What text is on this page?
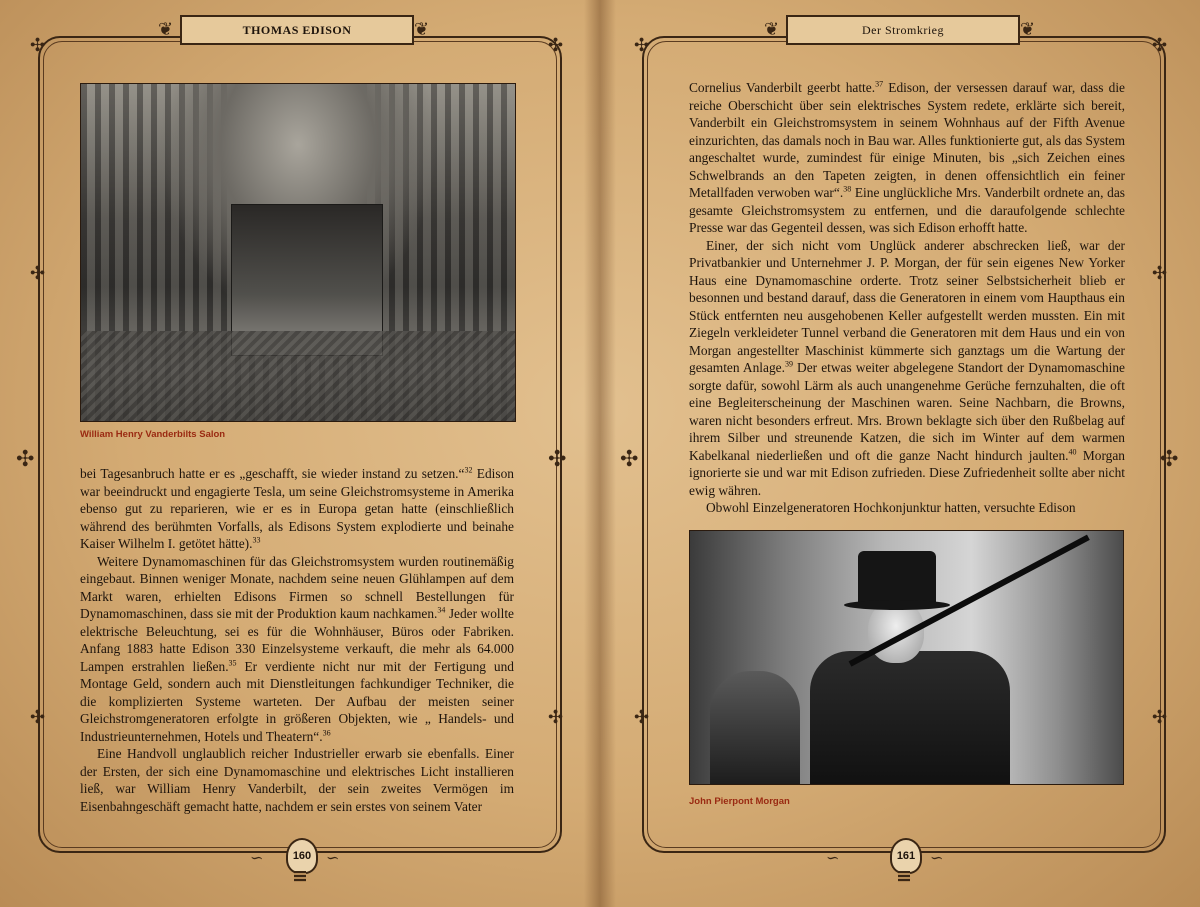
❦	THOMAS EDISON	❦
✣	✣
✣
✣	✣
✣	✣
William Henry Vanderbilts Salon

bei Tagesanbruch hatte er es „geschafft, sie wieder instand zu setzen.“$^{32}$ Edison war beeindruckt und engagierte Tesla, um seine Gleichstromsysteme in Amerika ebenso gut zu reparieren, wie er es in Europa getan hatte (einschließlich während des berühmten Vorfalls, als Edisons System explodierte und beinahe Kaiser Wilhelm I. getötet hätte).$^{33}$

Weitere Dynamomaschinen für das Gleichstromsystem wurden routinemäßig eingebaut. Binnen weniger Monate, nachdem seine neuen Glühlampen auf dem Markt waren, erhielten Edisons Firmen so schnell Bestellungen für Dynamomaschinen, dass sie mit der Produktion kaum nachkamen.$^{34}$ Jeder wollte elektrische Beleuchtung, sei es für die Wohnhäuser, Büros oder Fabriken. Anfang 1883 hatte Edison 330 Einzelsysteme verkauft, die mehr als 64.000 Lampen erstrahlen ließen.$^{35}$ Er verdiente nicht nur mit der Fertigung und Montage Geld, sondern auch mit Dienstleitungen fachkundiger Techniker, die die komplizierten Systeme warteten. Der Aufbau der meisten seiner Gleichstromgeneratoren erfolgte in größeren Objekten, wie „ Handels- und Industrieunternehmen, Hotels und Theatern“.$^{36}$

Eine Handvoll unglaublich reicher Industrieller erwarb sie ebenfalls. Einer der Ersten, der sich eine Dynamomaschine und elektrisches Licht installieren ließ, war William Henry Vanderbilt, der sein zweites Vermögen im Eisenbahngeschäft gemacht hatte, nachdem er sein erstes von seinem Vater

∽	160 ∽
❦	Der Stromkrieg	❦
✣	✣
✣
✣	✣
✣	✣

Cornelius Vanderbilt geerbt hatte.$^{37}$ Edison, der versessen darauf war, dass die reiche Oberschicht über sein elektrisches System redete, erklärte sich bereit, Vanderbilt ein Gleichstromsystem in seinem Wohnhaus auf der Fifth Avenue einzurichten, das damals noch in Bau war. Alles funktionierte gut, als das System angeschaltet wurde, zumindest für einige Minuten, bis „sich Zeichen eines Schwelbrands an den Tapeten zeigten, in denen offensichtlich ein feiner Metallfaden verwoben war“.$^{38}$ Eine unglückliche Mrs. Vanderbilt ordnete an, das gesamte Gleichstromsystem zu entfernen, und die daraufolgende schlechte Presse war das Gegenteil dessen, was sich Edison erhofft hatte.

Einer, der sich nicht vom Unglück anderer abschrecken ließ, war der Privatbankier und Unternehmer J. P. Morgan, der für sein eigenes New Yorker Haus eine Dynamomaschine orderte. Trotz seiner Selbstsicherheit blieb er besonnen und bestand darauf, dass die Generatoren in einem vom Haupthaus ein Stück entfernten neu ausgehobenen Keller aufgestellt werden mussten. Ein mit Ziegeln verkleideter Tunnel verband die Generatoren mit dem Haus und ein von Morgan angestellter Maschinist kümmerte sich ganztags um die Wartung der gesamten Anlage.$^{39}$ Der etwas weiter abgelegene Standort der Dynamomaschine sorgte dafür, sowohl Lärm als auch unangenehme Gerüche fernzuhalten, die oft eine Begleiterscheinung der Maschinen waren. Seine Nachbarn, die Browns, waren nicht besonders erfreut. Mrs. Brown beklagte sich über den Rußbelag auf ihrem Silber und streunende Katzen, die sich im Winter auf dem warmen Kabelkanal niederließen und oft die ganze Nacht hindurch jaulten.$^{40}$ Morgan ignorierte sie und war mit Edison zufrieden. Diese Zufriedenheit sollte aber nicht ewig währen.

Obwohl Einzelgeneratoren Hochkonjunktur hatten, versuchte Edison

∽	161 ∽
John Pierpont Morgan
